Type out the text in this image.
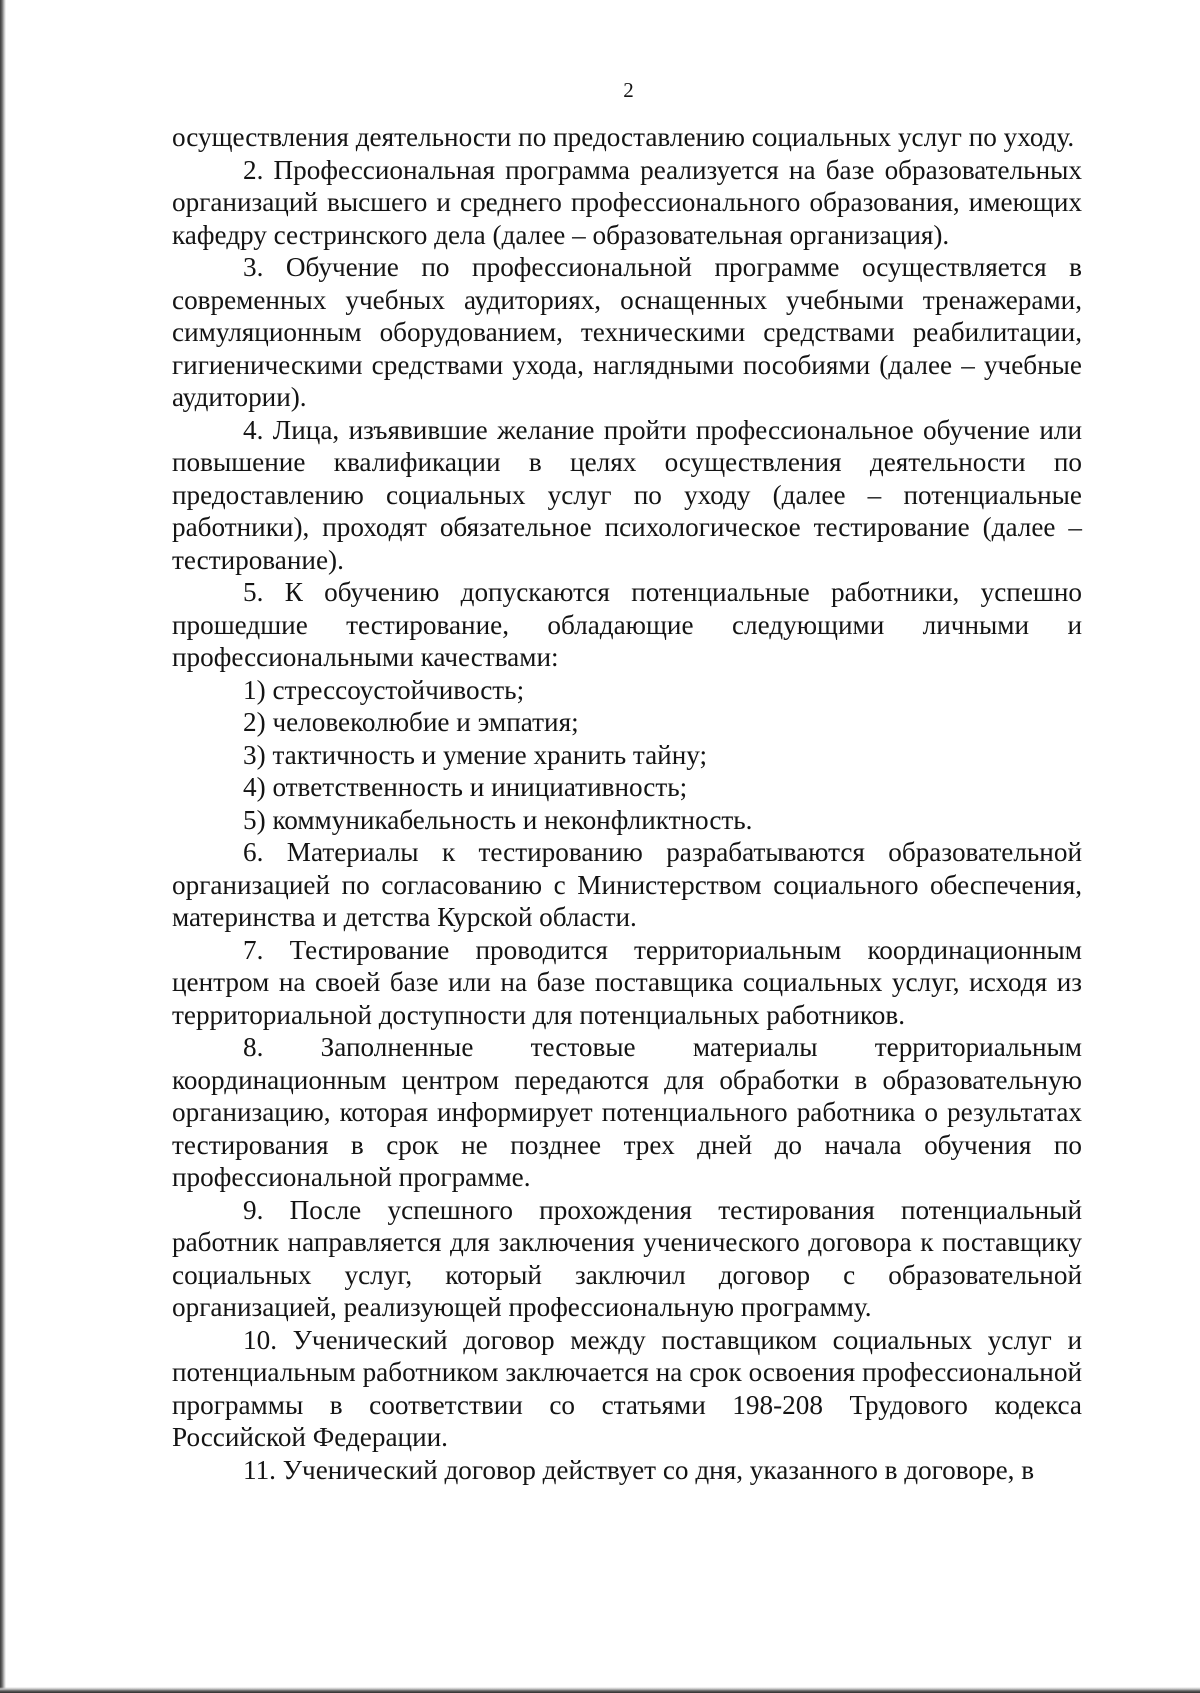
2

осуществления деятельности по предоставлению социальных услуг по уходу.

2. Профессиональная программа реализуется на базе образовательных организаций высшего и среднего профессионального образования, имеющих кафедру сестринского дела (далее – образовательная организация).

3. Обучение по профессиональной программе осуществляется в современных учебных аудиториях, оснащенных учебными тренажерами, симуляционным оборудованием, техническими средствами реабилитации, гигиеническими средствами ухода, наглядными пособиями (далее – учебные аудитории).

4. Лица, изъявившие желание пройти профессиональное обучение или повышение квалификации в целях осуществления деятельности по предоставлению социальных услуг по уходу (далее – потенциальные работники), проходят обязательное психологическое тестирование (далее – тестирование).

5. К обучению допускаются потенциальные работники, успешно прошедшие тестирование, обладающие следующими личными и профессиональными качествами:

1) стрессоустойчивость;

2) человеколюбие и эмпатия;

3) тактичность и умение хранить тайну;

4) ответственность и инициативность;

5) коммуникабельность и неконфликтность.

6. Материалы к тестированию разрабатываются образовательной организацией по согласованию с Министерством социального обеспечения, материнства и детства Курской области.

7. Тестирование проводится территориальным координационным центром на своей базе или на базе поставщика социальных услуг, исходя из территориальной доступности для потенциальных работников.

8. Заполненные тестовые материалы территориальным координационным центром передаются для обработки в образовательную организацию, которая информирует потенциального работника о результатах тестирования в срок не позднее трех дней до начала обучения по профессиональной программе.

9. После успешного прохождения тестирования потенциальный работник направляется для заключения ученического договора к поставщику социальных услуг, который заключил договор с образовательной организацией, реализующей профессиональную программу.

10. Ученический договор между поставщиком социальных услуг и потенциальным работником заключается на срок освоения профессиональной программы в соответствии со статьями 198-208 Трудового кодекса Российской Федерации.

11. Ученический договор действует со дня, указанного в договоре, в
